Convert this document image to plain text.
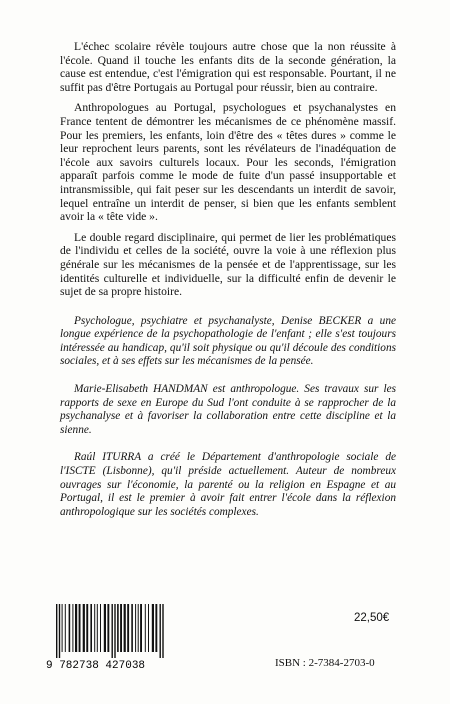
L'échec scolaire révèle toujours autre chose que la non réussite à l'école. Quand il touche les enfants dits de la seconde génération, la cause est entendue, c'est l'émigration qui est responsable. Pourtant, il ne suffit pas d'être Portugais au Portugal pour réussir, bien au contraire.

Anthropologues au Portugal, psychologues et psychanalystes en France tentent de démontrer les mécanismes de ce phénomène massif. Pour les premiers, les enfants, loin d'être des « têtes dures » comme le leur reprochent leurs parents, sont les révélateurs de l'inadéquation de l'école aux savoirs culturels locaux. Pour les seconds, l'émigration apparaît parfois comme le mode de fuite d'un passé insupportable et intransmissible, qui fait peser sur les descendants un interdit de savoir, lequel entraîne un interdit de penser, si bien que les enfants semblent avoir la « tête vide ».

Le double regard disciplinaire, qui permet de lier les problématiques de l'individu et celles de la société, ouvre la voie à une réflexion plus générale sur les mécanismes de la pensée et de l'apprentissage, sur les identités culturelle et individuelle, sur la difficulté enfin de devenir le sujet de sa propre histoire.

Psychologue, psychiatre et psychanalyste, Denise BECKER a une longue expérience de la psychopathologie de l'enfant ; elle s'est toujours intéressée au handicap, qu'il soit physique ou qu'il découle des conditions sociales, et à ses effets sur les mécanismes de la pensée.

Marie-Elisabeth HANDMAN est anthropologue. Ses travaux sur les rapports de sexe en Europe du Sud l'ont conduite à se rapprocher de la psychanalyse et à favoriser la collaboration entre cette discipline et la sienne.

Raúl ITURRA a créé le Département d'anthropologie sociale de l'ISCTE (Lisbonne), qu'il préside actuellement. Auteur de nombreux ouvrages sur l'économie, la parenté ou la religion en Espagne et au Portugal, il est le premier à avoir fait entrer l'école dans la réflexion anthropologique sur les sociétés complexes.

9 782738 427038
22,50€
ISBN : 2-7384-2703-0
